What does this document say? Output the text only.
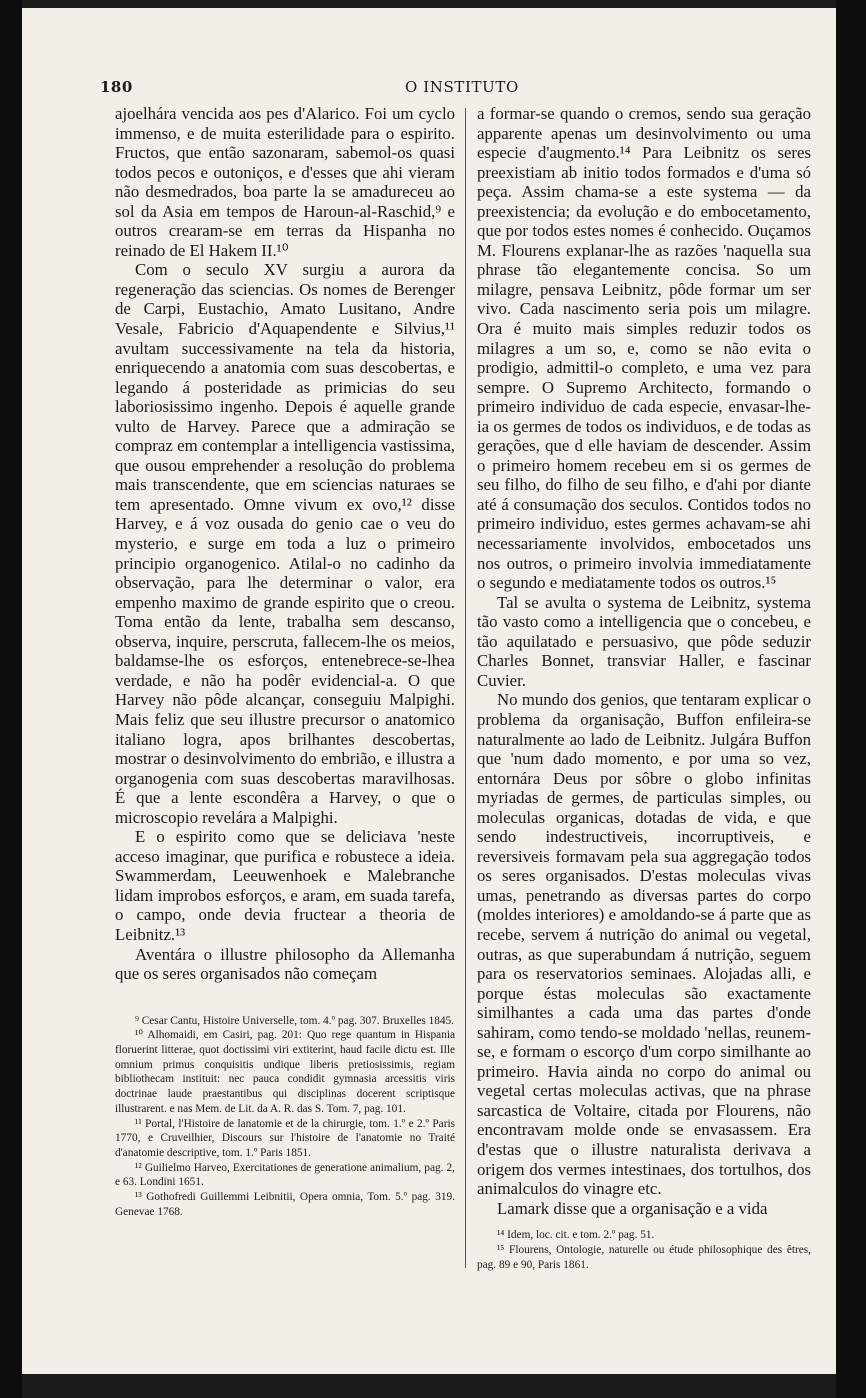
180	O INSTITUTO

ajoelhára vencida aos pes d'Alarico. Foi um cyclo immenso, e de muita esterilidade para o espirito. Fructos, que então sazonaram, sabemol-os quasi todos pecos e outoniços, e d'esses que ahi vieram não desmedrados, boa parte la se amadureceu ao sol da Asia em tempos de Haroun-al-Raschid,⁹ e outros crearam-se em terras da Hispanha no reinado de El Hakem II.¹⁰

Com o seculo XV surgiu a aurora da regeneração das sciencias. Os nomes de Berenger de Carpi, Eustachio, Amato Lusitano, Andre Vesale, Fabricio d'Aquapendente e Silvius,¹¹ avultam successivamente na tela da historia, enriquecendo a anatomia com suas descobertas, e legando á posteridade as primicias do seu laboriosissimo ingenho. Depois é aquelle grande vulto de Harvey. Parece que a admiração se compraz em contemplar a intelligencia vastissima, que ousou emprehender a resolução do problema mais transcendente, que em sciencias naturaes se tem apresentado. Omne vivum ex ovo,¹² disse Harvey, e á voz ousada do genio cae o veu do mysterio, e surge em toda a luz o primeiro principio organogenico. Atilal-o no cadinho da observação, para lhe determinar o valor, era empenho maximo de grande espirito que o creou. Toma então da lente, trabalha sem descanso, observa, inquire, perscruta, fallecem-lhe os meios, baldamse-lhe os esforços, entenebrece-se-lhea verdade, e não ha podêr evidencial-a. O que Harvey não pôde alcançar, conseguiu Malpighi. Mais feliz que seu illustre precursor o anatomico italiano logra, apos brilhantes descobertas, mostrar o desinvolvimento do embrião, e illustra a organogenia com suas descobertas maravilhosas. É que a lente escondêra a Harvey, o que o microscopio revelára a Malpighi.

E o espirito como que se deliciava 'neste acceso imaginar, que purifica e robustece a ideia. Swammerdam, Leeuwenhoek e Malebranche lidam improbos esforços, e aram, em suada tarefa, o campo, onde devia fructear a theoria de Leibnitz.¹³

Aventára o illustre philosopho da Allemanha que os seres organisados não começam

⁹ Cesar Cantu, Histoire Universelle, tom. 4.º pag. 307. Bruxelles 1845.

¹⁰ Alhomaidi, em Casiri, pag. 201: Quo rege quantum in Hispania floruerint litterae, quot doctissimi viri extiterint, haud facile dictu est. Ille omnium primus conquisitis undique liberis pretiosissimis, regiam bibliothecam instituit: nec pauca condidit gymnasia arcessitis viris doctrinae laude praestantibus qui disciplinas docerent scriptisque illustrarent. e nas Mem. de Lit. da A. R. das S. Tom. 7, pag. 101.

¹¹ Portal, l'Histoire de lanatomie et de la chirurgie, tom. 1.º e 2.º Paris 1770, e Cruveilhier, Discours sur l'histoire de l'anatomie no Traité d'anatomie descriptive, tom. 1.º Paris 1851.

¹² Guilielmo Harveo, Exercitationes de generatione animalium, pag. 2, e 63. Londini 1651.

¹³ Gothofredi Guillemmi Leibnitii, Opera omnia, Tom. 5.º pag. 319. Genevae 1768.

a formar-se quando o cremos, sendo sua geração apparente apenas um desinvolvimento ou uma especie d'augmento.¹⁴ Para Leibnitz os seres preexistiam ab initio todos formados e d'uma só peça. Assim chama-se a este systema — da preexistencia; da evolução e do embocetamento, que por todos estes nomes é conhecido. Ouçamos M. Flourens explanar-lhe as razões 'naquella sua phrase tão elegantemente concisa. So um milagre, pensava Leibnitz, pôde formar um ser vivo. Cada nascimento seria pois um milagre. Ora é muito mais simples reduzir todos os milagres a um so, e, como se não evita o prodigio, admittil-o completo, e uma vez para sempre. O Supremo Architecto, formando o primeiro individuo de cada especie, envasar-lhe-ia os germes de todos os individuos, e de todas as gerações, que d elle haviam de descender. Assim o primeiro homem recebeu em si os germes de seu filho, do filho de seu filho, e d'ahi por diante até á consumação dos seculos. Contidos todos no primeiro individuo, estes germes achavam-se ahi necessariamente involvidos, embocetados uns nos outros, o primeiro involvia immediatamente o segundo e mediatamente todos os outros.¹⁵

Tal se avulta o systema de Leibnitz, systema tão vasto como a intelligencia que o concebeu, e tão aquilatado e persuasivo, que pôde seduzir Charles Bonnet, transviar Haller, e fascinar Cuvier.

No mundo dos genios, que tentaram explicar o problema da organisação, Buffon enfileira-se naturalmente ao lado de Leibnitz. Julgára Buffon que 'num dado momento, e por uma so vez, entornára Deus por sôbre o globo infinitas myriadas de germes, de particulas simples, ou moleculas organicas, dotadas de vida, e que sendo indestructiveis, incorruptiveis, e reversiveis formavam pela sua aggregação todos os seres organisados. D'estas moleculas vivas umas, penetrando as diversas partes do corpo (moldes interiores) e amoldando-se á parte que as recebe, servem á nutrição do animal ou vegetal, outras, as que superabundam á nutrição, seguem para os reservatorios seminaes. Alojadas alli, e porque éstas moleculas são exactamente similhantes a cada uma das partes d'onde sahiram, como tendo-se moldado 'nellas, reunem-se, e formam o escorço d'um corpo similhante ao primeiro. Havia ainda no corpo do animal ou vegetal certas moleculas activas, que na phrase sarcastica de Voltaire, citada por Flourens, não encontravam molde onde se envasassem. Era d'estas que o illustre naturalista derivava a origem dos vermes intestinaes, dos tortulhos, dos animalculos do vinagre etc.

Lamark disse que a organisação e a vida

¹⁴ Idem, loc. cit. e tom. 2.º pag. 51.

¹⁵ Flourens, Ontologie, naturelle ou étude philosophique des êtres, pag. 89 e 90, Paris 1861.
